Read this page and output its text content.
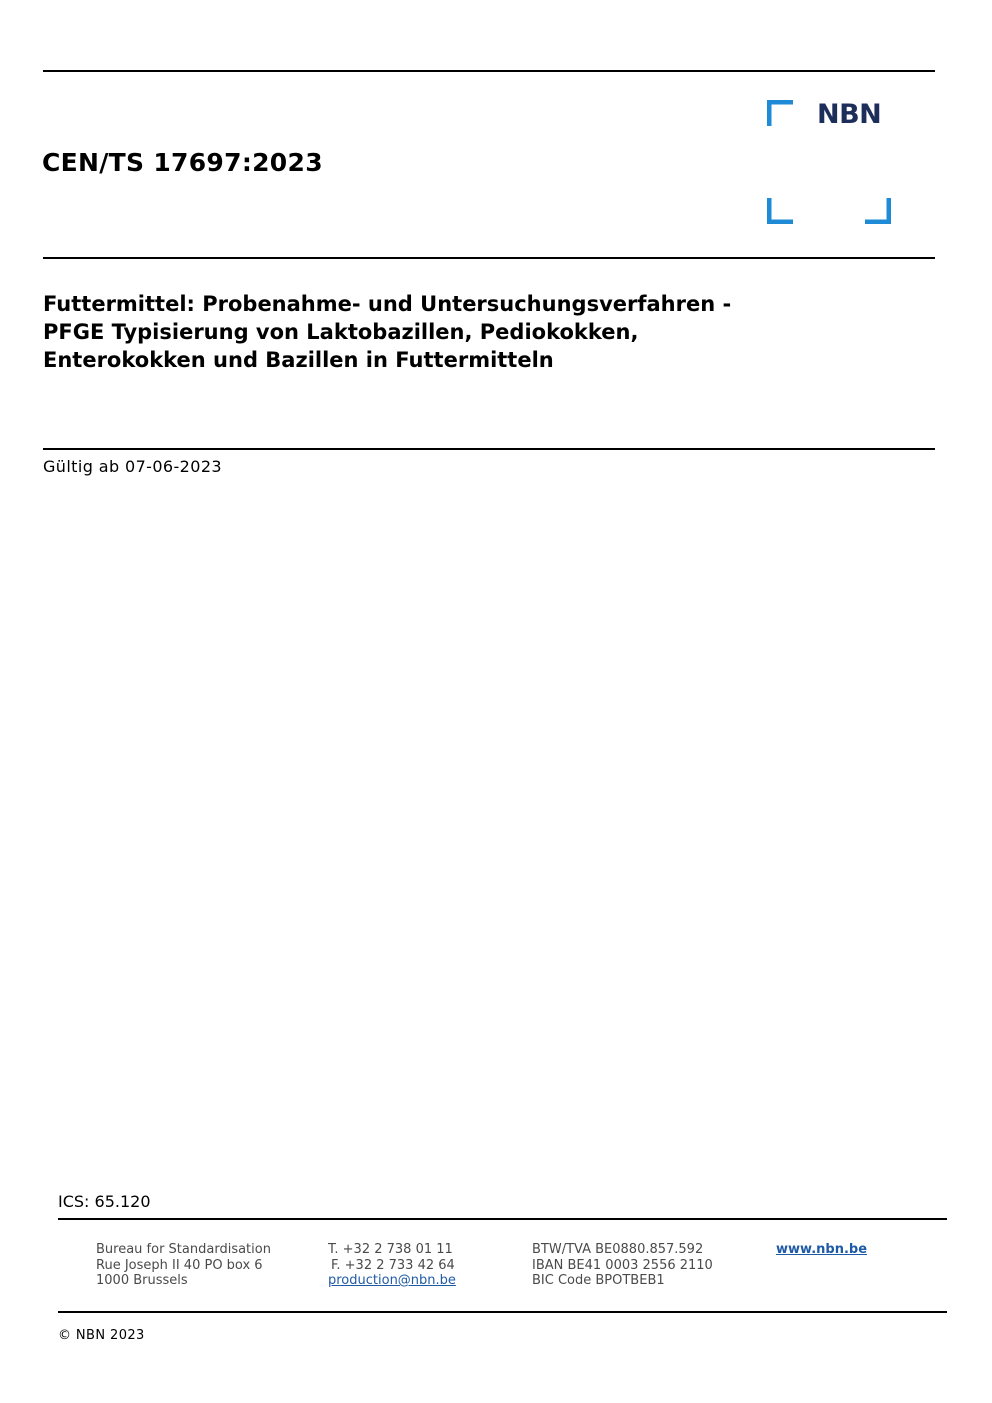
CEN/TS 17697:2023
NBN
Futtermittel: Probenahme- und Untersuchungsverfahren -
PFGE Typisierung von Laktobazillen, Pediokokken,
Enterokokken und Bazillen in Futtermitteln
Gültig ab 07-06-2023
ICS: 65.120
Bureau for Standardisation
Rue Joseph II 40 PO box 6
1000 Brussels
T. +32 2 738 01 11
F. +32 2 733 42 64
production@nbn.be
BTW/TVA BE0880.857.592
IBAN BE41 0003 2556 2110
BIC Code BPOTBEB1
www.nbn.be
© NBN 2023
